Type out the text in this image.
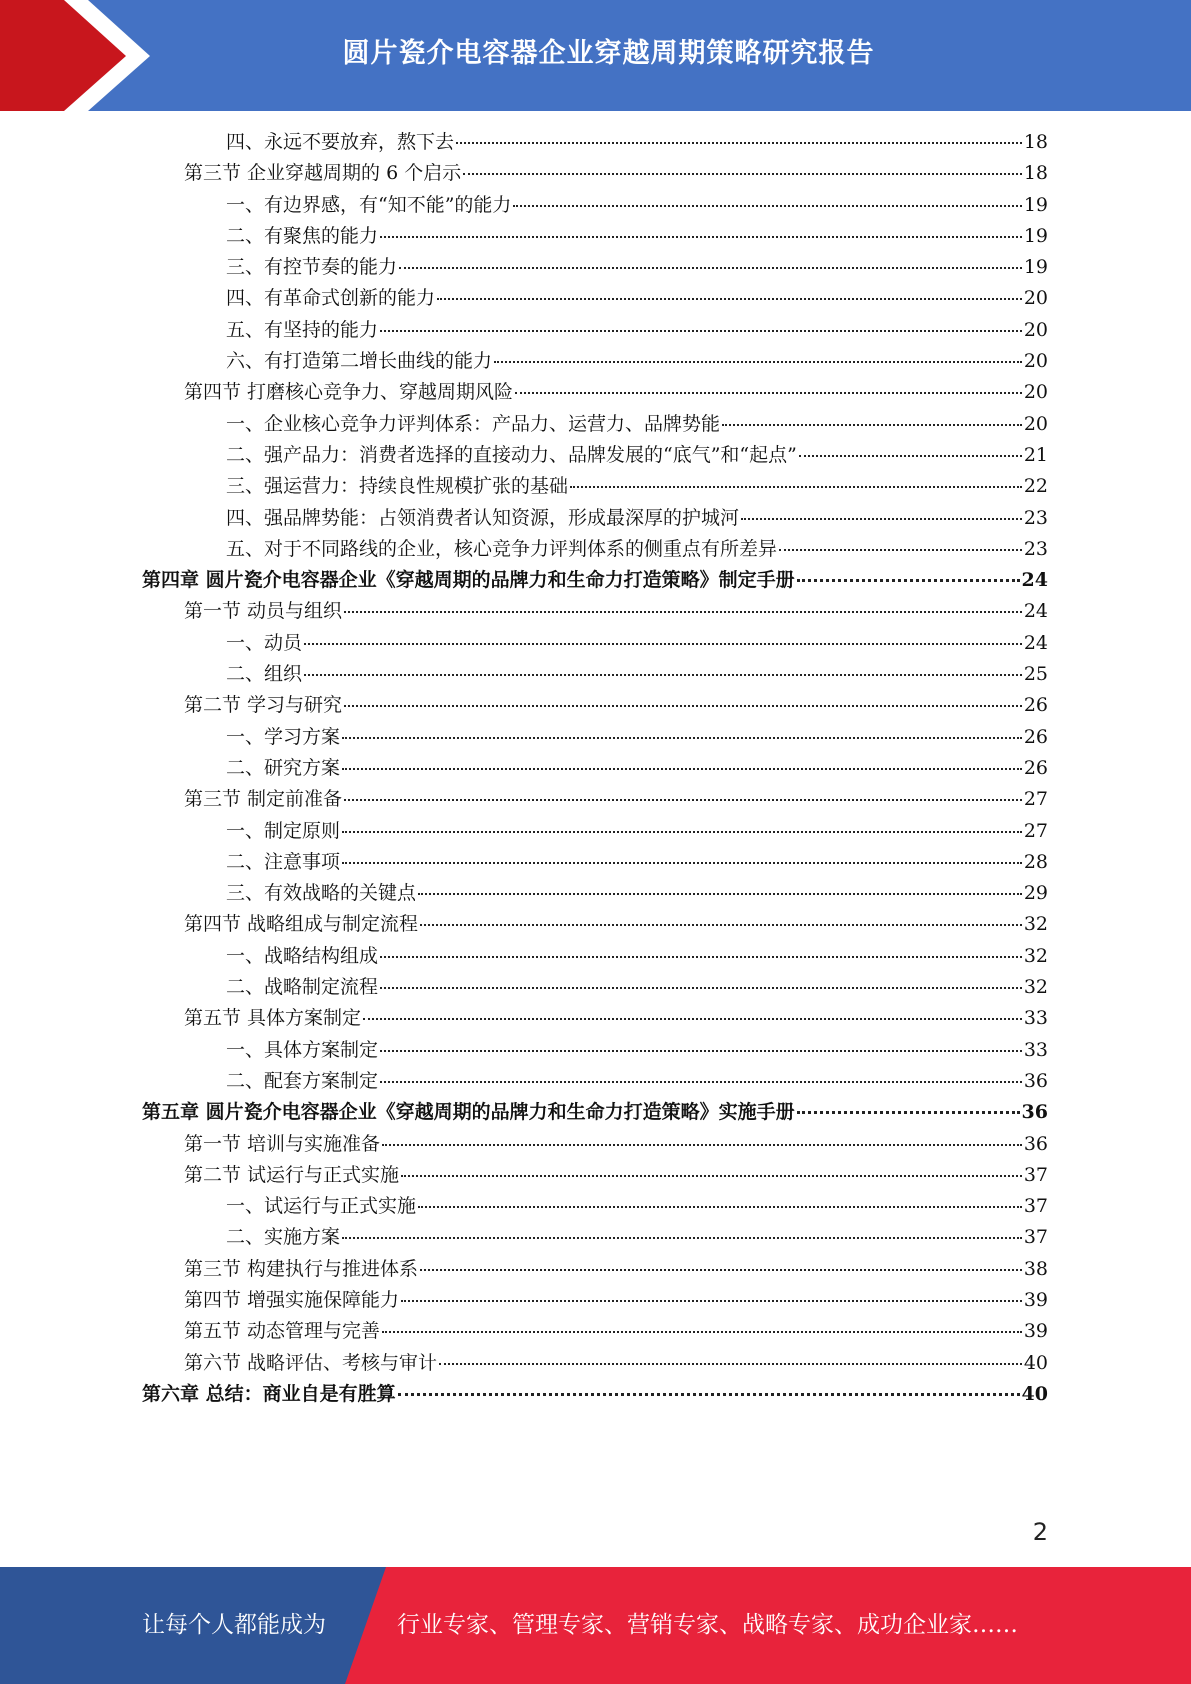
圆片瓷介电容器企业穿越周期策略研究报告
四、永远不要放弃，熬下去	18
第三节 企业穿越周期的 6 个启示	18
一、有边界感，有“知不能”的能力	19
二、有聚焦的能力	19
三、有控节奏的能力	19
四、有革命式创新的能力	20
五、有坚持的能力	20
六、有打造第二增长曲线的能力	20
第四节 打磨核心竞争力、穿越周期风险	20
一、企业核心竞争力评判体系：产品力、运营力、品牌势能	20
二、强产品力：消费者选择的直接动力、品牌发展的“底气”和“起点”	21
三、强运营力：持续良性规模扩张的基础	22
四、强品牌势能：占领消费者认知资源，形成最深厚的护城河	23
五、对于不同路线的企业，核心竞争力评判体系的侧重点有所差异	23
第四章 圆片瓷介电容器企业《穿越周期的品牌力和生命力打造策略》制定手册	24
第一节 动员与组织	24
一、动员	24
二、组织	25
第二节 学习与研究	26
一、学习方案	26
二、研究方案	26
第三节 制定前准备	27
一、制定原则	27
二、注意事项	28
三、有效战略的关键点	29
第四节 战略组成与制定流程	32
一、战略结构组成	32
二、战略制定流程	32
第五节 具体方案制定	33
一、具体方案制定	33
二、配套方案制定	36
第五章 圆片瓷介电容器企业《穿越周期的品牌力和生命力打造策略》实施手册	36
第一节 培训与实施准备	36
第二节 试运行与正式实施	37
一、试运行与正式实施	37
二、实施方案	37
第三节 构建执行与推进体系	38
第四节 增强实施保障能力	39
第五节 动态管理与完善	39
第六节 战略评估、考核与审计	40
第六章 总结：商业自是有胜算	40
2
让每个人都能成为	行业专家、管理专家、营销专家、战略专家、成功企业家……
